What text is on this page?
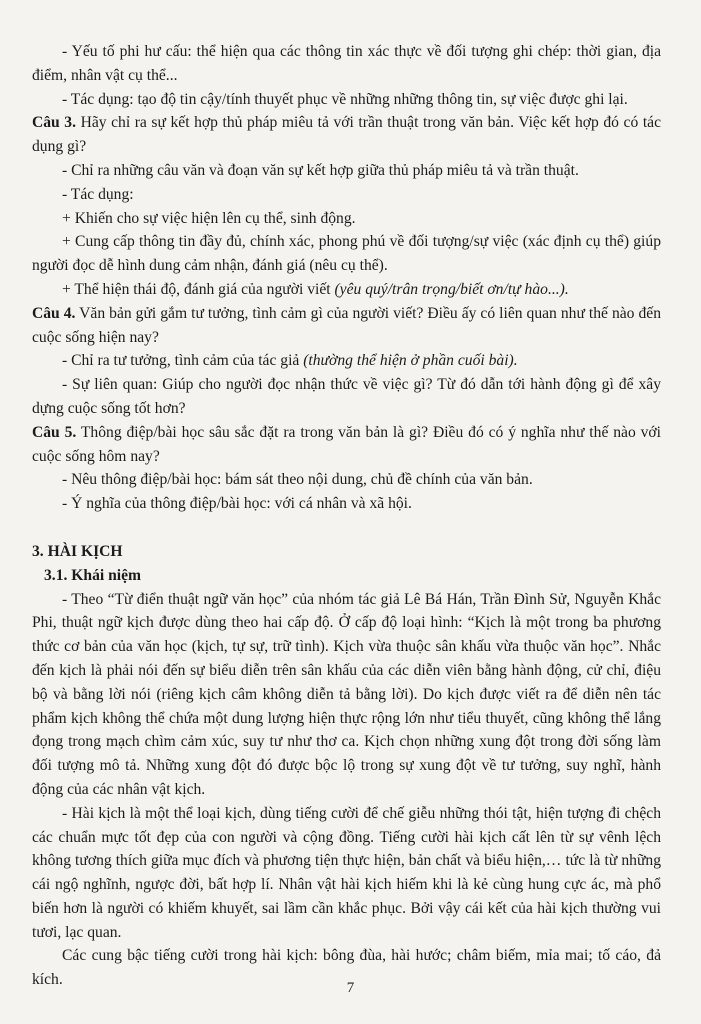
- Yếu tố phi hư cấu: thể hiện qua các thông tin xác thực về đối tượng ghi chép: thời gian, địa điểm, nhân vật cụ thể...

- Tác dụng: tạo độ tin cậy/tính thuyết phục về những những thông tin, sự việc được ghi lại.

Câu 3. Hãy chỉ ra sự kết hợp thủ pháp miêu tả với trần thuật trong văn bản. Việc kết hợp đó có tác dụng gì?

- Chỉ ra những câu văn và đoạn văn sự kết hợp giữa thủ pháp miêu tả và trần thuật.

- Tác dụng:

+ Khiến cho sự việc hiện lên cụ thể, sinh động.

+ Cung cấp thông tin đầy đủ, chính xác, phong phú về đối tượng/sự việc (xác định cụ thể) giúp người đọc dễ hình dung cảm nhận, đánh giá (nêu cụ thể).

+ Thể hiện thái độ, đánh giá của người viết (yêu quý/trân trọng/biết ơn/tự hào...).

Câu 4. Văn bản gửi gắm tư tưởng, tình cảm gì của người viết? Điều ấy có liên quan như thế nào đến cuộc sống hiện nay?

- Chỉ ra tư tưởng, tình cảm của tác giả (thường thể hiện ở phần cuối bài).

- Sự liên quan: Giúp cho người đọc nhận thức về việc gì? Từ đó dẫn tới hành động gì để xây dựng cuộc sống tốt hơn?

Câu 5. Thông điệp/bài học sâu sắc đặt ra trong văn bản là gì? Điều đó có ý nghĩa như thế nào với cuộc sống hôm nay?

- Nêu thông điệp/bài học: bám sát theo nội dung, chủ đề chính của văn bản.

- Ý nghĩa của thông điệp/bài học: với cá nhân và xã hội.

3. HÀI KỊCH

3.1. Khái niệm

- Theo “Từ điển thuật ngữ văn học” của nhóm tác giả Lê Bá Hán, Trần Đình Sử, Nguyễn Khắc Phi, thuật ngữ kịch được dùng theo hai cấp độ. Ở cấp độ loại hình: “Kịch là một trong ba phương thức cơ bản của văn học (kịch, tự sự, trữ tình). Kịch vừa thuộc sân khấu vừa thuộc văn học”. Nhắc đến kịch là phải nói đến sự biểu diễn trên sân khấu của các diễn viên bằng hành động, cử chỉ, điệu bộ và bằng lời nói (riêng kịch câm không diễn tả bằng lời). Do kịch được viết ra để diễn nên tác phẩm kịch không thể chứa một dung lượng hiện thực rộng lớn như tiểu thuyết, cũng không thể lắng đọng trong mạch chìm cảm xúc, suy tư như thơ ca. Kịch chọn những xung đột trong đời sống làm đối tượng mô tả. Những xung đột đó được bộc lộ trong sự xung đột về tư tưởng, suy nghĩ, hành động của các nhân vật kịch.

- Hài kịch là một thể loại kịch, dùng tiếng cười để chế giễu những thói tật, hiện tượng đi chệch các chuẩn mực tốt đẹp của con người và cộng đồng. Tiếng cười hài kịch cất lên từ sự vênh lệch không tương thích giữa mục đích và phương tiện thực hiện, bản chất và biểu hiện,… tức là từ những cái ngộ nghĩnh, ngược đời, bất hợp lí. Nhân vật hài kịch hiếm khi là kẻ cùng hung cực ác, mà phổ biến hơn là người có khiếm khuyết, sai lầm cần khắc phục. Bởi vậy cái kết của hài kịch thường vui tươi, lạc quan.

Các cung bậc tiếng cười trong hài kịch: bông đùa, hài hước; châm biếm, mỉa mai; tố cáo, đả kích.	7
